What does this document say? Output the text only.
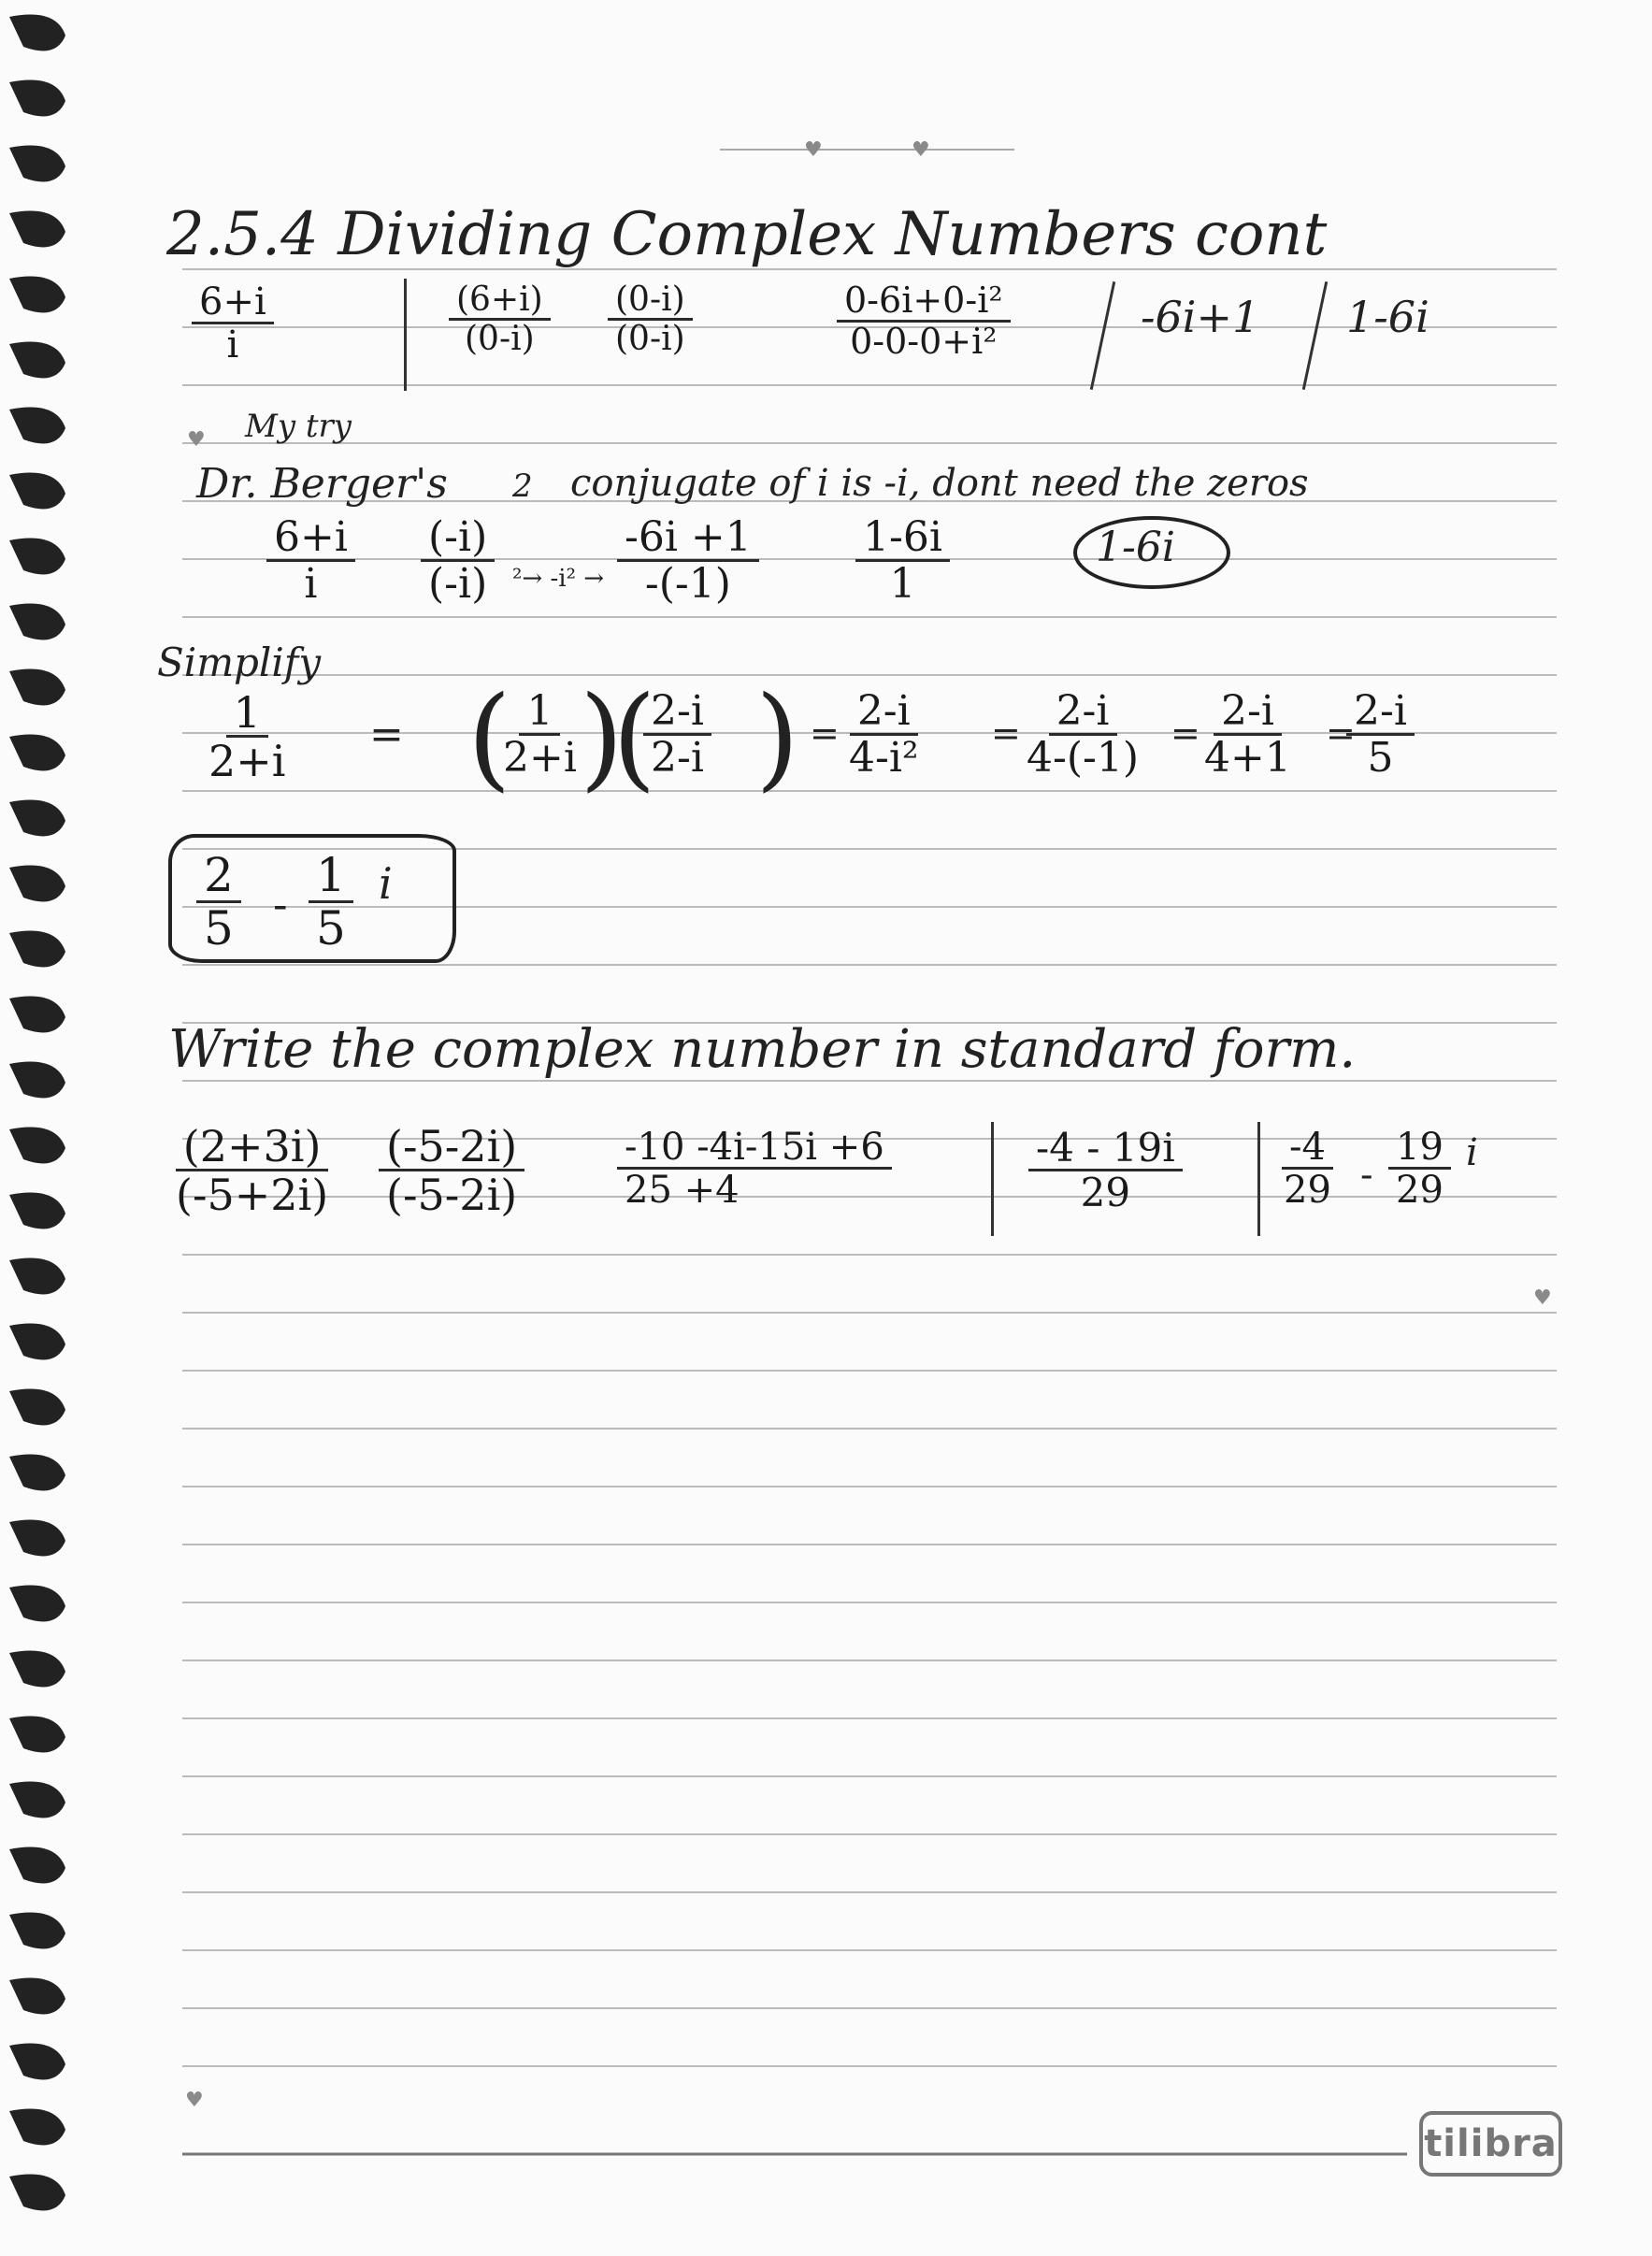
♥	♥
♥
♥
♥
2.5.4 Dividing Complex Numbers cont
$\frac{6+i}{i}$	$\frac{(6+i)}{(0-i)} \frac{(0-i)}{(0-i)}$	$\frac{\text{0-6i+0-i²}}{\text{0-0-0+i²}}$	-6i+1 1-6i
My try
Dr. Berger's 2 conjugate of i is -i, dont need the zeros
$\frac{6+i}{i} \frac{(-i)}{(-i)} ^2\to -i^2 \to \frac{-6i +1}{-(-1)} \frac{1-6i}{1}$	1-6i
Simplify
$\frac{1}{2+i}$ = (
$\frac{1}{2+i}$
)
(
$\frac{2-i}{2-i}$ ) = $\frac{2-i}{\text{4-i²}}$ =
$\frac{2-i}{4-(-1)}$ =
$\frac{2-i}{4+1}$ =
$\frac{2-i}{5}$
$\frac{2}{5} - \frac{1}{5}$ i
Write the complex number in standard form.
$\frac{(2+3i)}{(-5+2i)} \frac{(-5-2i)}{(-5-2i)} \frac{-10 -4i-15i +6}{25 +4}$	$\frac{-4 - 19i}{29}$	$\frac{-4}{29} - \frac{19}{29}$ i
tilibra
